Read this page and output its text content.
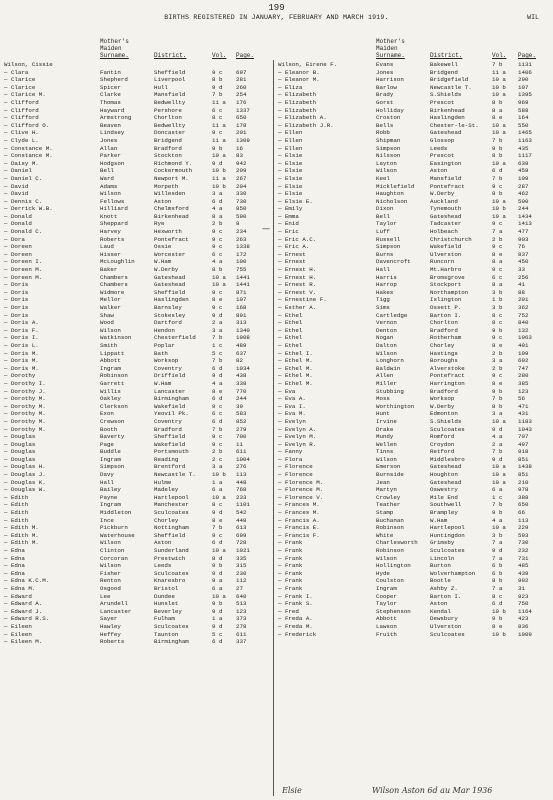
199
BIRTHS REGISTERED IN JANUARY, FEBRUARY AND MARCH 1919.	WIL
Mother's
Maiden
Surname.	District.	Vol. Page.
Wilson, Cissie
— Clara	Fantin	Sheffield	9 c	697
— Clarice	Shepherd	Liverpool	8 b	281
— Clarice	Spicer	Hull	9 d	260
— Clarice M.	Clarke	Mansfield	7 b	254
— Clifford	Thomas	Bedwellty	11 a	176
— Clifford	Hayward	Pershore	6 c	1337
— Clifford	Armstrong	Chorlton	8 c	650
— Clifford O.	Beaven	Bedwellty	11 a	178
— Clive H.	Lindsey	Doncaster	9 c	201
— Clyde L.	Jones	Bridgend	11 a	1309
— Constance M.	Allan	Bradford	9 b	16
— Constance M.	Parker	Stockton	10 a	83
— Daisy M.	Hodgson	Richmond Y.	9 d	942
— Daniel	Bell	Cockermouth	10 b	209
— Daniel C.	Ward	Newport M.	11 a	267
— David	Adams	Morpeth	10 b	204
— David	Wilson	Willesden	3 a	330
— Dennis C.	Fellows	Aston	6 d	730
— Derrick W.B.	Hilliard	Chelmsford	4 a	850
— Donald	Knott	Birkenhead	8 a	590
— Donald	Sheppard	Rye	2 b	8
— Donald C.	Harvey	Hexworth	9 c	234
— Dora	Roberts	Pontefract	9 c	263
— Doreen	Laud	Ossie	9 c	1338
— Doreen	Hisser	Worcester	6 c	172
— Doreen I.	McLoughlin	W.Ham	4 a	100
— Doreen M.	Baker	W.Derby	8 b	755
— Doreen M.	Chambers	Gateshead	10 a	1441
— Doris	Chambers	Gateshead	10 a	1441
— Doris	Widmore	Sheffield	9 c	871
— Doris	Mellor	Haslingden	8 e	107
— Doris	Walker	Barnsley	9 c	168
— Doris	Shaw	Stokesley	9 d	891
— Doris A.	Wood	Dartford	2 a	313
— Doris F.	Wilson	Hendon	3 a	1340
— Doris I.	Watkinson	Chesterfield	7 b	1008
— Doris L.	Smith	Poplar	1 c	489
— Doris M.	Lippatt	Bath	5 c	637
— Doris M.	Abbott	Worksop	7 b	82
— Doris M.	Ingram	Coventry	6 d	1034
— Dorothy	Robinson	Driffield	9 d	438
— Dorothy I.	Garrett	W.Ham	4 a	338
— Dorothy J.	Willis	Lancaster	8 e	770
— Dorothy M.	Oakley	Birmingham	6 d	244
— Dorothy M.	Clerkson	Wakefield	9 c	39
— Dorothy M.	Exon	Yeovil Pk.	6 c	583
— Dorothy M.	Crewson	Coventry	6 d	852
— Dorothy M.	Booth	Bradford	7 b	279
— Douglas	Baverty	Sheffield	9 c	700
— Douglas	Page	Wakefield	9 c	11
— Douglas	Buddle	Portsmouth	2 b	611
— Douglas	Ingram	Reading	2 c	1004
— Douglas H.	Simpson	Brentford	3 a	276
— Douglas J.	Davy	Newcastle T.	10 b	113
— Douglas K.	Hall	Hulme	1 a	448
— Douglas W.	Bailey	Madeley	6 a	768
— Edith	Payne	Hartlepool	10 a	233
— Edith	Ingram	Manchester	8 c	1101
— Edith	Middleton	Sculcoates	9 d	542
— Edith	Ince	Chorley	8 e	448
— Edith M.	Pickburn	Nottingham	7 b	613
— Edith M.	Waterhouse	Sheffield	9 c	699
— Edith M.	Wilson	Aston	6 d	728
— Edna	Clinton	Sunderland	10 a	1021
— Edna	Corcoran	Prestwich	8 d	335
— Edna	Wilson	Leeds	9 b	315
— Edna	Fisher	Sculcoates	9 d	230
— Edna K.C.M.	Renton	Knaresbro	9 a	112
— Edna M.	Osgood	Bristol	6 a	27
— Edward	Lee	Dundee	10 a	640
— Edward A.	Arundell	Hunslet	9 b	513
— Edward J.	Lancaster	Beverley	9 d	123
— Edward R.S.	Sayer	Fulham	1 a	373
— Eileen	Hawley	Sculcoates	9 d	278
— Eileen	Heffey	Taunton	5 c	611
— Eileen M.	Roberts	Birmingham	6 d	337
Mother's
Maiden
Surname.	District.	Vol. Page.
Wilson, Eirene F.	Evans	Bakewell	7 b	1131
— Eleanor B.	Jones	Bridgend	11 a	1406
— Eleanor M.	Harrison	Bridgefield	10 a	290
— Eliza	Barlow	Newcastle T.	10 b	107
— Elizabeth	Brady	S.Shields	10 a	1395
— Elizabeth	Gorst	Prescot	8 b	969
— Elizabeth	Holliday	Birkenhead	8 a	588
— Elizabeth A.	Croston	Haslingden	8 e	164
— Elizabeth J.R.	Bells	Chester-le-St.	10 a	550
— Ellen	Robb	Gateshead	10 a	1465
— Ellen	Shipman	Glossop	7 b	1163
— Ellen	Simpson	Leeds	9 b	435
— Elsie	Nilsson	Prescot	8 b	1117
— Elsie	Layton	Easington	10 a	639
— Elsie	Wilson	Aston	6 d	459
— Elsie	Keel	Mansfield	7 b	109
— Elsie	Micklefield	Pontefract	9 c	287
— Elsie	Haughton	W.Derby	8 b	462
— Elsie E.	Nicholson	Auckland	10 a	500
— Emily	Dixon	Tynemouth	10 b	244
— Emma	Bell	Gateshead	10 a	1434
— Enid	Taylor	Tadcaster	9 c	1413
— Eric	Luff	Holbeach	7 a	477
— Eric A.C.	Russell	Christchurch	2 b	903
— Eric A.	Simpson	Wakefield	9 c	76
— Ernest	Burns	Ulverston	8 e	837
— Ernest	Davencroft	Runcorn	8 a	450
— Ernest H.	Hall	Mt.Harbro	9 c	33
— Ernest H.	Harris	Bromsgrove	6 c	256
— Ernest R.	Harrop	Stockport	8 a	41
— Ernest V.	Hakes	Northampton	3 b	88
— Ernestine F.	Tigg	Islington	1 b	201
— Esther A.	Sims	Ossett P.	3 b	362
— Ethel	Cartledge	Barton I.	8 c	752
— Ethel	Vernon	Chorlton	8 c	840
— Ethel	Denton	Bradford	9 b	132
— Ethel	Nogan	Rotherham	9 c	1063
— Ethel	Dalton	Chorley	8 e	491
— Ethel I.	Wilson	Hastings	2 b	109
— Ethel M.	Longhorn	Boroughs	3 a	602
— Ethel M.	Baldwin	Alverstoke	2 b	747
— Ethel M.	Allen	Pontefract	9 c	280
— Ethel M.	Miller	Harrington	8 e	385
— Eva	Stubbing	Bradford	9 b	123
— Eva A.	Moss	Worksop	7 b	56
— Eva I.	Worthington	W.Derby	8 b	471
— Eva M.	Hunt	Edmonton	3 a	431
— Evelyn	Irvine	S.Shields	10 a	1183
— Evelyn A.	Drake	Sculcoates	9 d	1043
— Evelyn M.	Mundy	Romford	4 a	707
— Evelyn R.	Wellen	Croydon	2 a	497
— Fanny	Tinns	Retford	7 b	918
— Flora	Wilson	Middlesbro	9 d	851
— Florence	Emerson	Gateshead	10 a	1438
— Florence	Burnside	Houghton	10 a	851
— Florence M.	Jean	Gateshead	10 a	210
— Florence M.	Martyn	Oswestry	6 a	978
— Florence V.	Crowley	Mile End	1 c	388
— Frances M.	Teather	Southwell	7 b	650
— Frances M.	Stamp	Brampley	9 b	66
— Francis A.	Buchanan	W.Ham	4 a	113
— Francis E.	Robinson	Hartlepool	10 a	229
— Francis F.	White	Huntingdon	3 b	593
— Frank	Charlesworth	Grimsby	7 a	730
— Frank	Robinson	Sculcoates	9 d	232
— Frank	Wilson	Lincoln	7 a	731
— Frank	Hollington	Burton	6 b	485
— Frank	Hyde	Wolverhampton	6 b	439
— Frank	Coulston	Bootle	8 b	902
— Frank	Ingram	Ashby Z.	7 a	31
— Frank I.	Cooper	Barton I.	8 c	923
— Frank S.	Taylor	Aston	6 d	750
— Fred	Stephenson	Kendal	10 b	1164
— Freda A.	Abbott	Dewsbury	9 b	423
— Freda M.	Lawson	Ulverston	8 e	836
— Frederick	Fruith	Sculcoates	10 b	1009
—
Elsie	Wilson Aston 6d au Mar 1936
